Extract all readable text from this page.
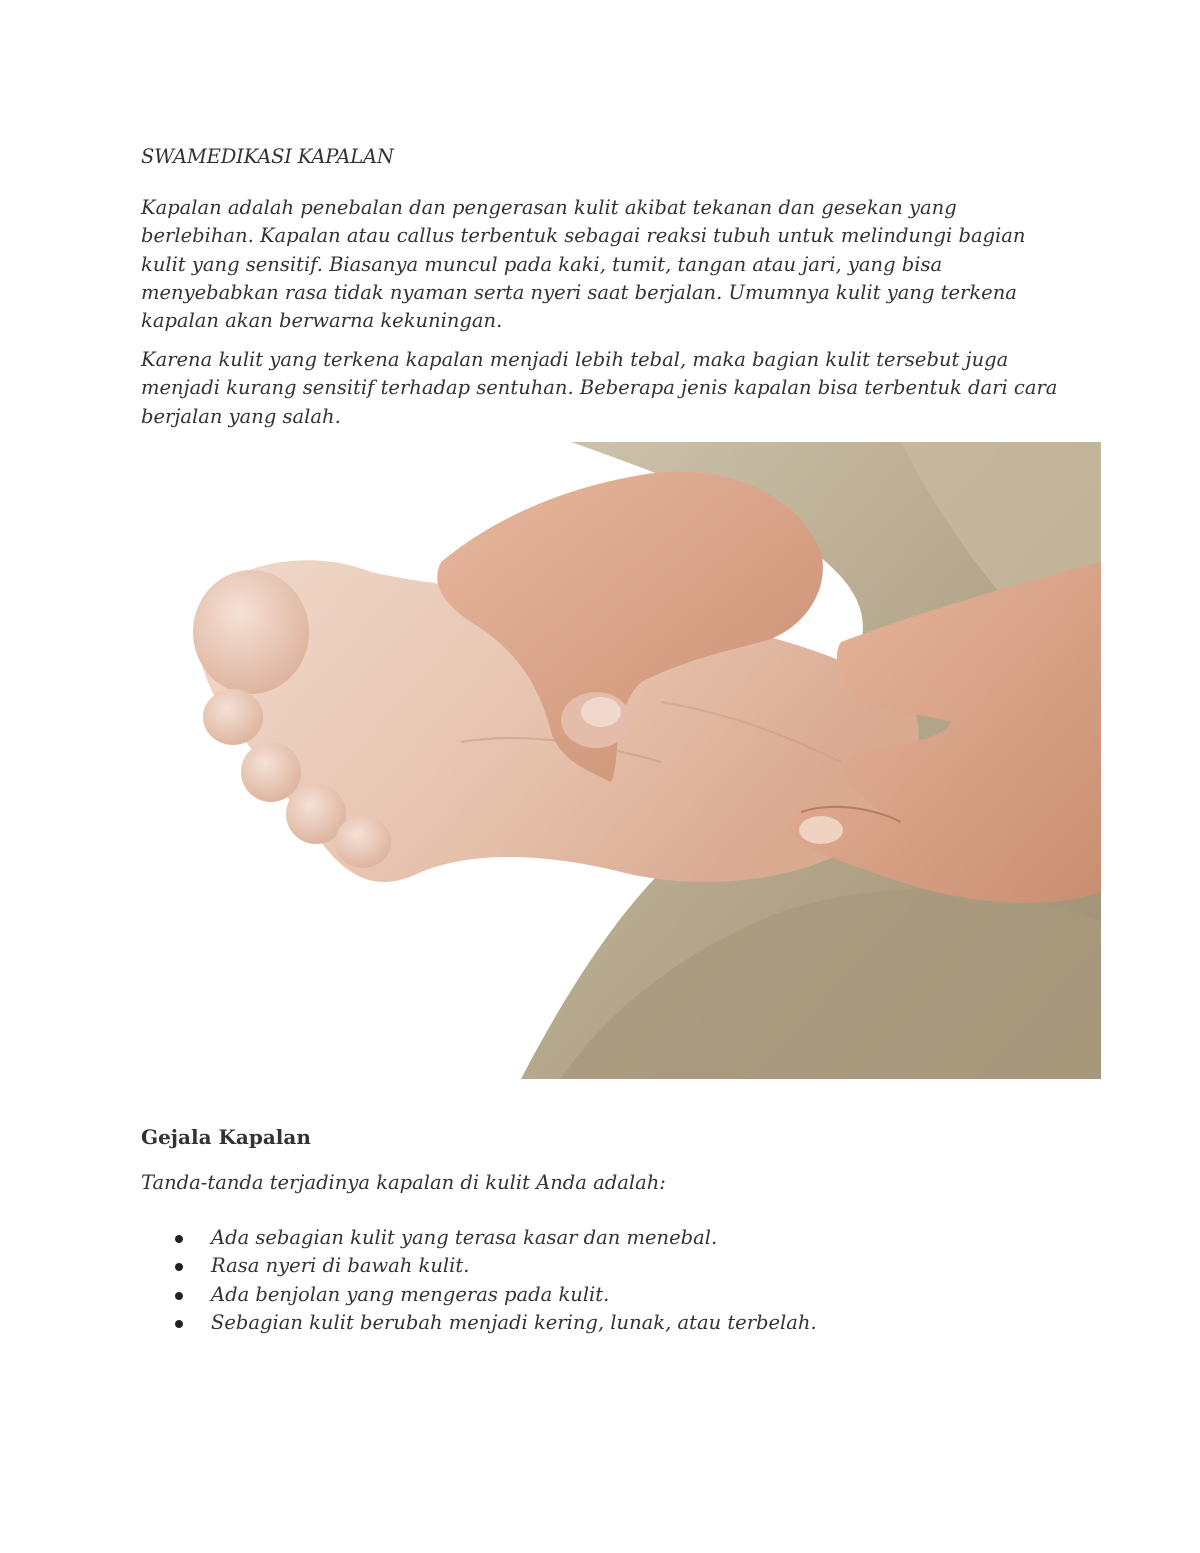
SWAMEDIKASI KAPALAN

Kapalan adalah penebalan dan pengerasan kulit akibat tekanan dan gesekan yang berlebihan. Kapalan atau callus terbentuk sebagai reaksi tubuh untuk melindungi bagian kulit yang sensitif. Biasanya muncul pada kaki, tumit, tangan atau jari, yang bisa menyebabkan rasa tidak nyaman serta nyeri saat berjalan. Umumnya kulit yang terkena kapalan akan berwarna kekuningan.

Karena kulit yang terkena kapalan menjadi lebih tebal, maka bagian kulit tersebut juga menjadi kurang sensitif terhadap sentuhan. Beberapa jenis kapalan bisa terbentuk dari cara berjalan yang salah.

Gejala Kapalan

Tanda-tanda terjadinya kapalan di kulit Anda adalah:

Ada sebagian kulit yang terasa kasar dan menebal.
Rasa nyeri di bawah kulit.
Ada benjolan yang mengeras pada kulit.
Sebagian kulit berubah menjadi kering, lunak, atau terbelah.
